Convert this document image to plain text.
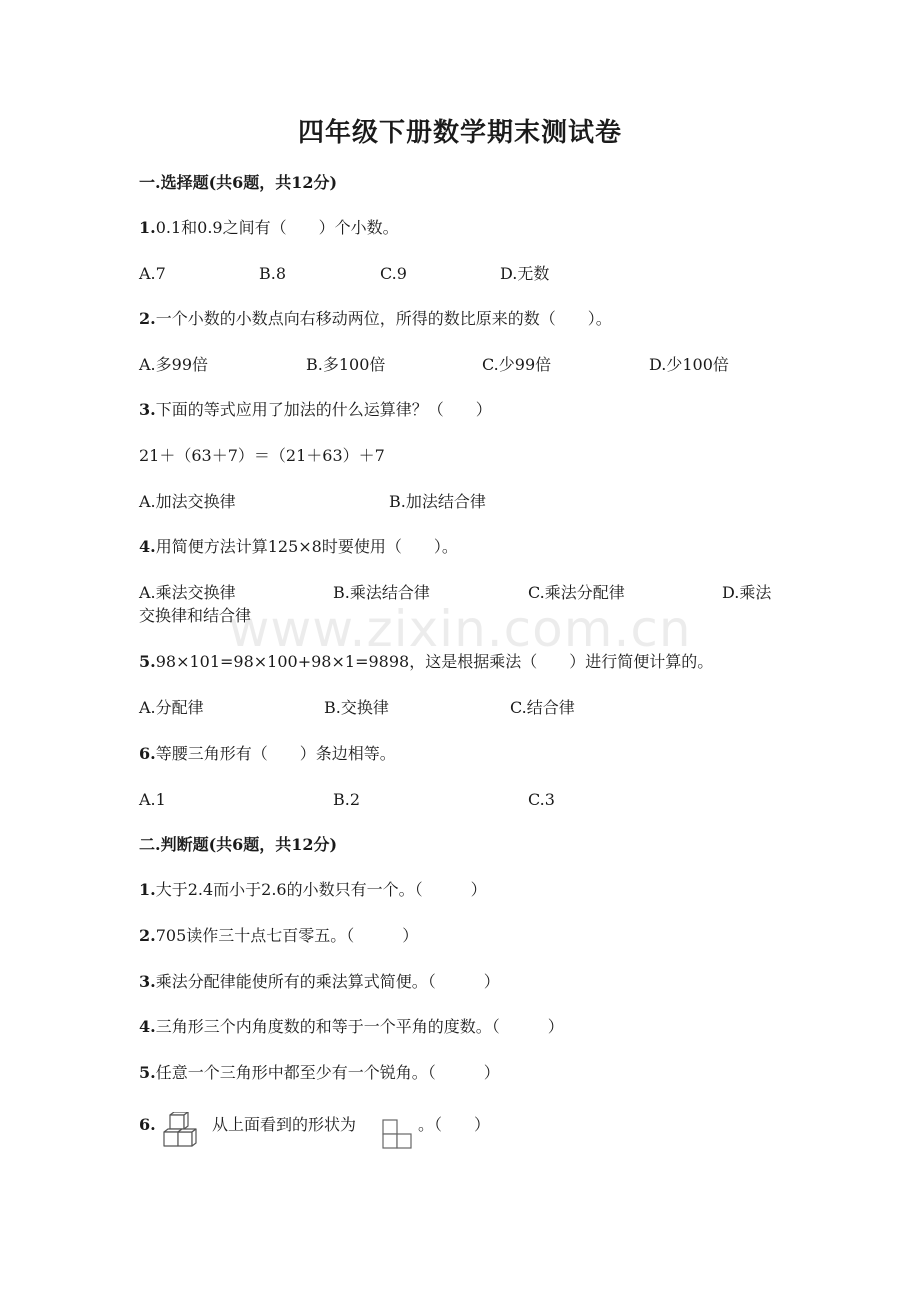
四年级下册数学期末测试卷
www.zixin.com.cn
一.选择题(共6题，共12分)
1.0.1和0.9之间有（　　）个小数。
A.7	B.8	C.9	D.无数
2.一个小数的小数点向右移动两位，所得的数比原来的数（　　）。
A.多99倍	B.多100倍	C.少99倍	D.少100倍
3.下面的等式应用了加法的什么运算律？（　　）
21＋（63＋7）＝（21＋63）＋7
A.加法交换律	B.加法结合律
4.用简便方法计算125×8时要使用（　　）。
A.乘法交换律	B.乘法结合律	C.乘法分配律	D.乘法
交换律和结合律
5.98×101=98×100+98×1=9898，这是根据乘法（　　）进行简便计算的。
A.分配律	B.交换律	C.结合律
6.等腰三角形有（　　）条边相等。
A.1	B.2	C.3
二.判断题(共6题，共12分)
1.大于2.4而小于2.6的小数只有一个。（　　　）
2.705读作三十点七百零五。（　　　）
3.乘法分配律能使所有的乘法算式简便。（　　　）
4.三角形三个内角度数的和等于一个平角的度数。（　　　）
5.任意一个三角形中都至少有一个锐角。（　　　）
6.	从上面看到的形状为	。（　　）
